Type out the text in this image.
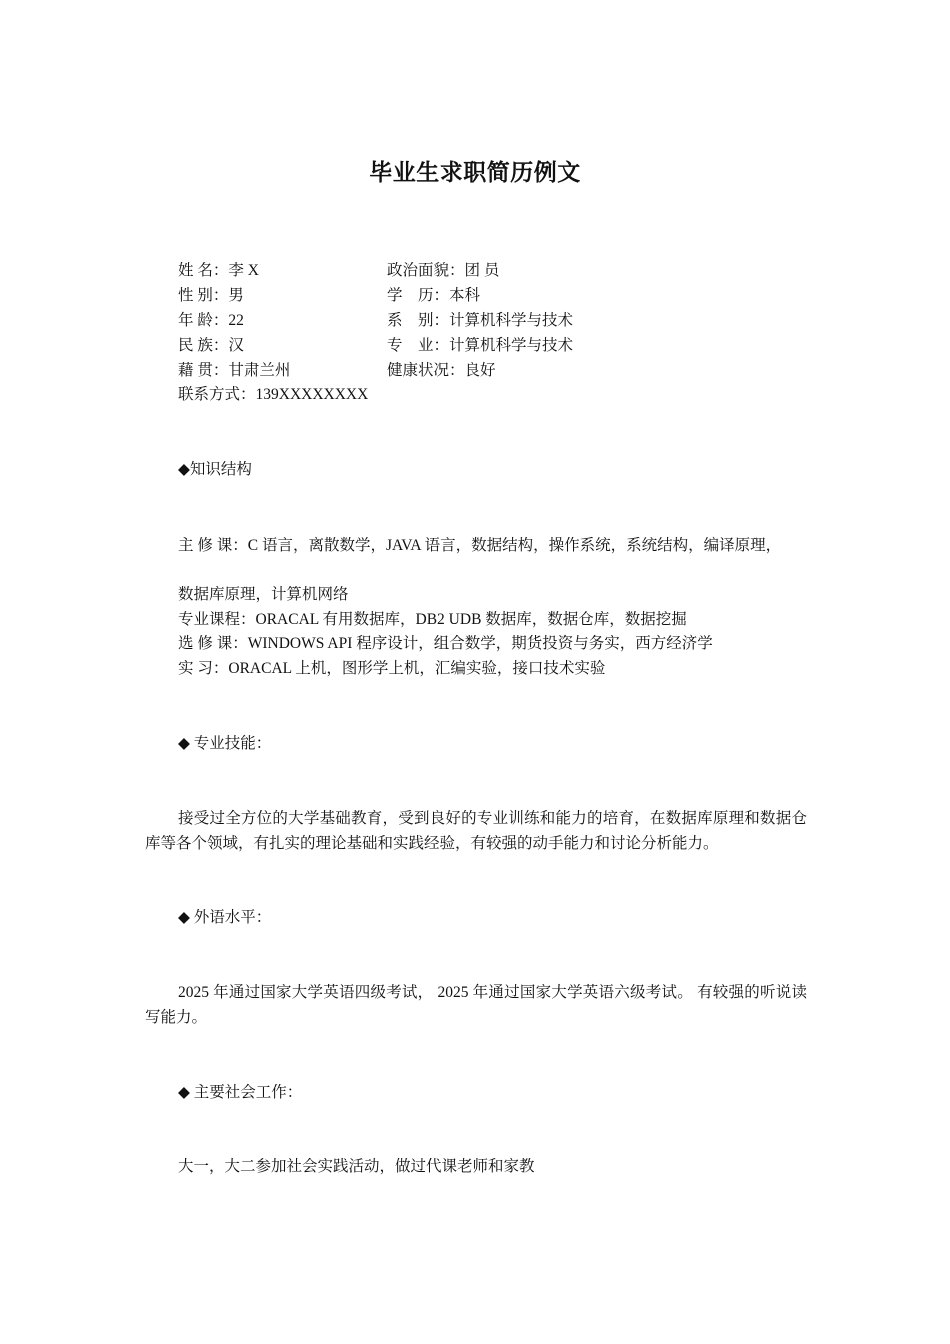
毕业生求职简历例文
姓 名：李 X	政治面貌：团 员
性 别：男	学　历：本科
年 龄：22	系　别：计算机科学与技术
民 族：汉	专　业：计算机科学与技术
藉 贯：甘肃兰州	健康状况：良好
联系方式：139XXXXXXXX
◆知识结构
主 修 课：C 语言，离散数学，JAVA 语言，数据结构，操作系统，系统结构，编译原理，
数据库原理，计算机网络
专业课程：ORACAL 有用数据库，DB2 UDB 数据库，数据仓库，数据挖掘
选 修 课：WINDOWS API 程序设计，组合数学，期货投资与务实，西方经济学
实 习：ORACAL 上机，图形学上机，汇编实验，接口技术实验
◆ 专业技能：
接受过全方位的大学基础教育，受到良好的专业训练和能力的培育，在数据库原理和数据仓库等各个领域，有扎实的理论基础和实践经验，有较强的动手能力和讨论分析能力。
◆ 外语水平：
2025 年通过国家大学英语四级考试， 2025 年通过国家大学英语六级考试。 有较强的听说读写能力。
◆ 主要社会工作：
大一，大二参加社会实践活动，做过代课老师和家教
